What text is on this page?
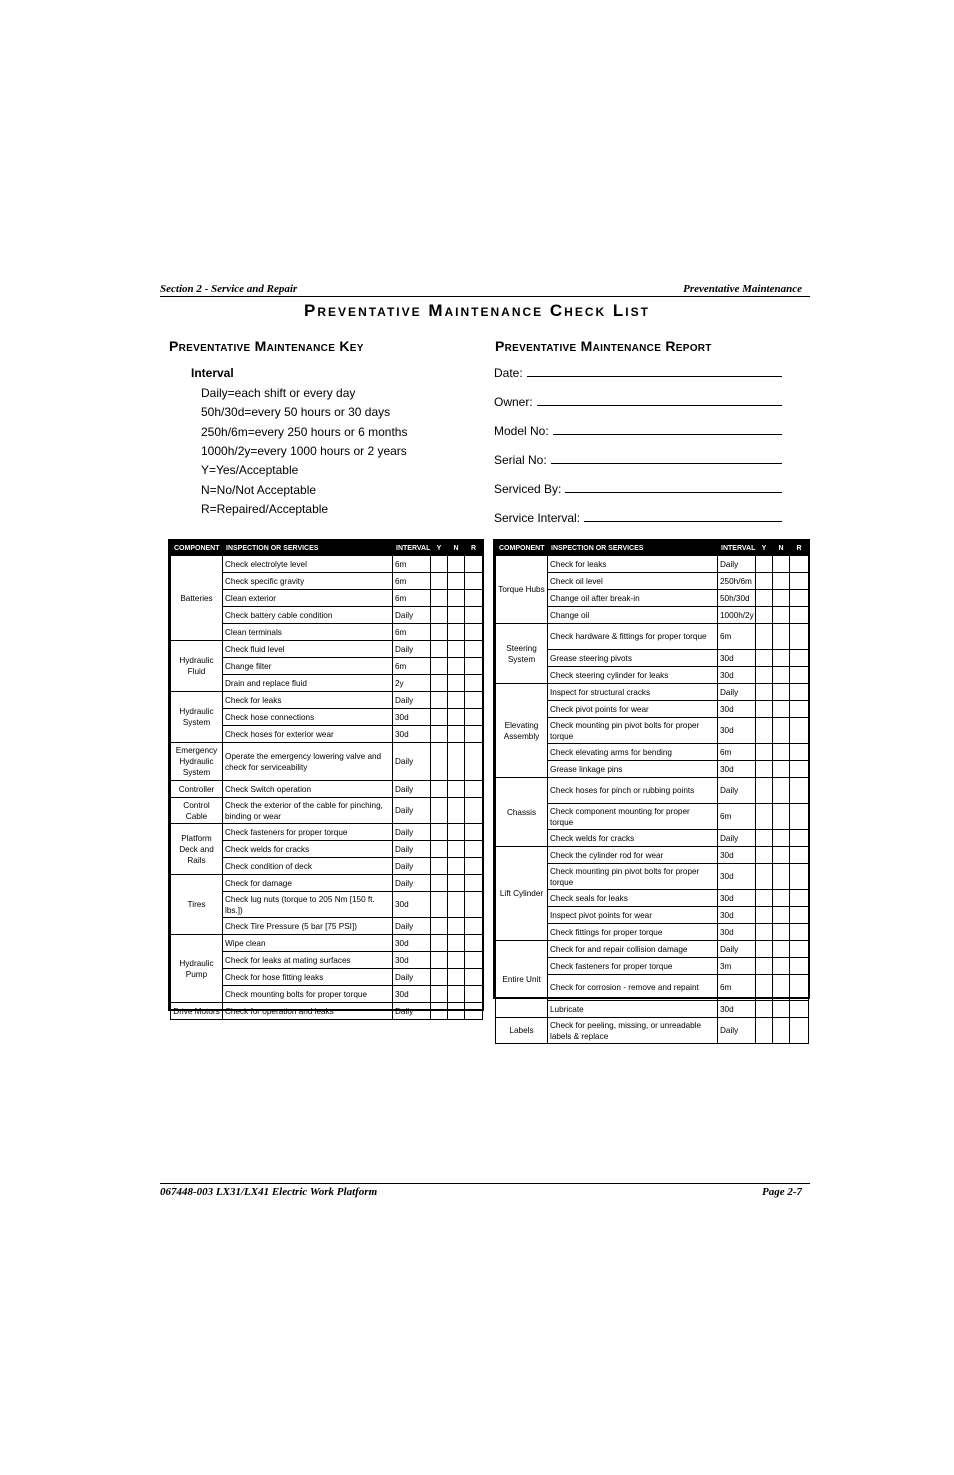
Section 2 - Service and Repair	Preventative Maintenance
Preventative Maintenance Check List
Preventative Maintenance Key
Interval
Daily=each shift or every day
50h/30d=every 50 hours or 30 days
250h/6m=every 250 hours or 6 months
1000h/2y=every 1000 hours or 2 years
Y=Yes/Acceptable
N=No/Not Acceptable
R=Repaired/Acceptable
Preventative Maintenance Report
Date:
Owner:
Model No:
Serial No:
Serviced By:
Service Interval:
COMPONENT	INSPECTION OR SERVICES	INTERVAL	Y	N	R
Batteries	Check electrolyte level	6m			
	Check specific gravity	6m			
	Clean exterior	6m			
	Check battery cable condition	Daily			
	Clean terminals	6m			
Hydraulic Fluid	Check fluid level	Daily			
	Change filter	6m			
	Drain and replace fluid	2y			
Hydraulic System	Check for leaks	Daily			
	Check hose connections	30d			
	Check hoses for exterior wear	30d			
Emergency Hydraulic System	Operate the emergency lowering valve and check for serviceability	Daily			
Controller	Check Switch operation	Daily			
Control Cable	Check the exterior of the cable for pinching, binding or wear	Daily			
Platform Deck and Rails	Check fasteners for proper torque	Daily			
	Check welds for cracks	Daily			
	Check condition of deck	Daily			
Tires	Check for damage	Daily			
	Check lug nuts (torque to 205 Nm [150 ft. lbs.])	30d			
	Check Tire Pressure (5 bar [75 PSI])	Daily			
Hydraulic Pump	Wipe clean	30d			
	Check for leaks at mating surfaces	30d			
	Check for hose fitting leaks	Daily			
	Check mounting bolts for proper torque	30d			
Drive Motors	Check for operation and leaks	Daily			
COMPONENT	INSPECTION OR SERVICES	INTERVAL	Y	N	R
Torque Hubs	Check for leaks	Daily			
	Check oil level	250h/6m			
	Change oil after break-in	50h/30d			
	Change oil	1000h/2y			
Steering System	Check hardware & fittings for proper torque	6m			
	Grease steering pivots	30d			
	Check steering cylinder for leaks	30d			
Elevating Assembly	Inspect for structural cracks	Daily			
	Check pivot points for wear	30d			
	Check mounting pin pivot bolts for proper torque	30d			
	Check elevating arms for bending	6m			
	Grease linkage pins	30d			
Chassis	Check hoses for pinch or rubbing points	Daily			
	Check component mounting for proper torque	6m			
	Check welds for cracks	Daily			
Lift Cylinder	Check the cylinder rod for wear	30d			
	Check mounting pin pivot bolts for proper torque	30d			
	Check seals for leaks	30d			
	Inspect pivot points for wear	30d			
	Check fittings for proper torque	30d			
Entire Unit	Check for and repair collision damage	Daily			
	Check fasteners for proper torque	3m			
	Check for corrosion - remove and repaint	6m			
	Lubricate	30d			
Labels	Check for peeling, missing, or unreadable labels & replace	Daily			
067448-003 LX31/LX41 Electric Work Platform	Page 2-7
